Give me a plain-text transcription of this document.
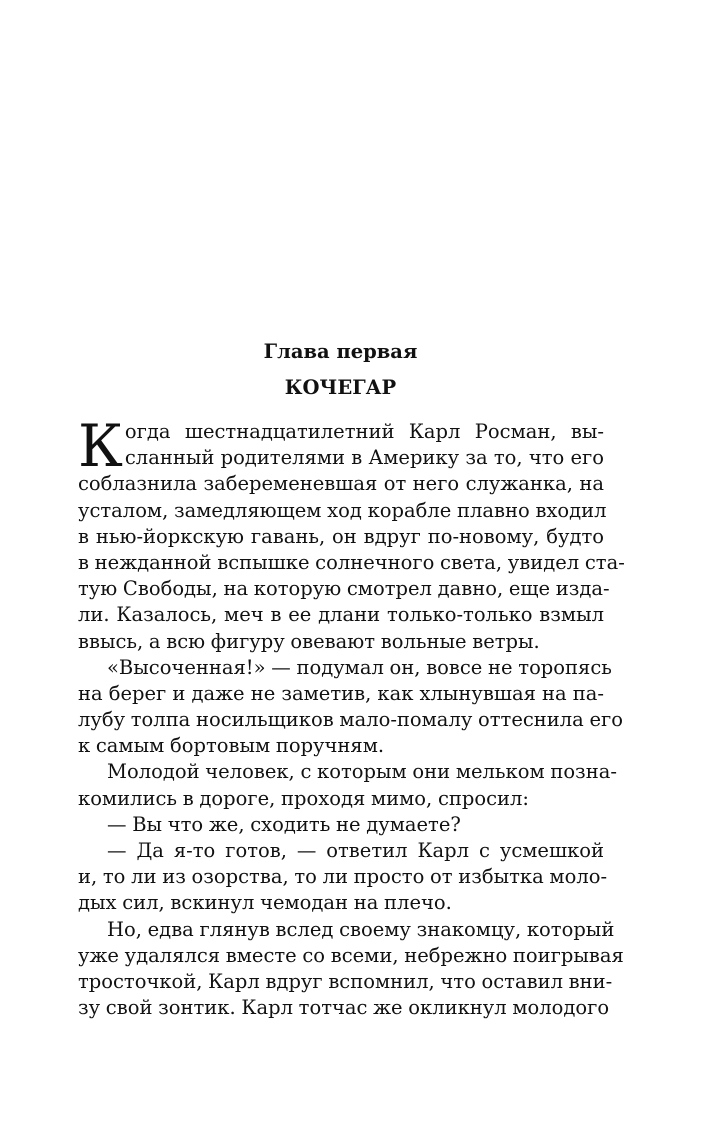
Глава первая
КОЧЕГАР
К огда шестнадцатилетний Карл Росман, вы-
сланный родителями в Америку за то, что его
соблазнила забеременевшая от него служанка, на
усталом, замедляющем ход корабле плавно входил
в нью-йоркскую гавань, он вдруг по-новому, будто
в нежданной вспышке солнечного света, увидел ста-
тую Свободы, на которую смотрел давно, еще изда-
ли. Казалось, меч в ее длани только-только взмыл
ввысь, а всю фигуру овевают вольные ветры.
«Высоченная!» — подумал он, вовсе не торопясь
на берег и даже не заметив, как хлынувшая на па-
лубу толпа носильщиков мало-помалу оттеснила его
к самым бортовым поручням.
Молодой человек, с которым они мельком позна-
комились в дороге, проходя мимо, спросил:
— Вы что же, сходить не думаете?
— Да я-то готов, — ответил Карл с усмешкой
и, то ли из озорства, то ли просто от избытка моло-
дых сил, вскинул чемодан на плечо.
Но, едва глянув вслед своему знакомцу, который
уже удалялся вместе со всеми, небрежно поигрывая
тросточкой, Карл вдруг вспомнил, что оставил вни-
зу свой зонтик. Карл тотчас же окликнул молодого
